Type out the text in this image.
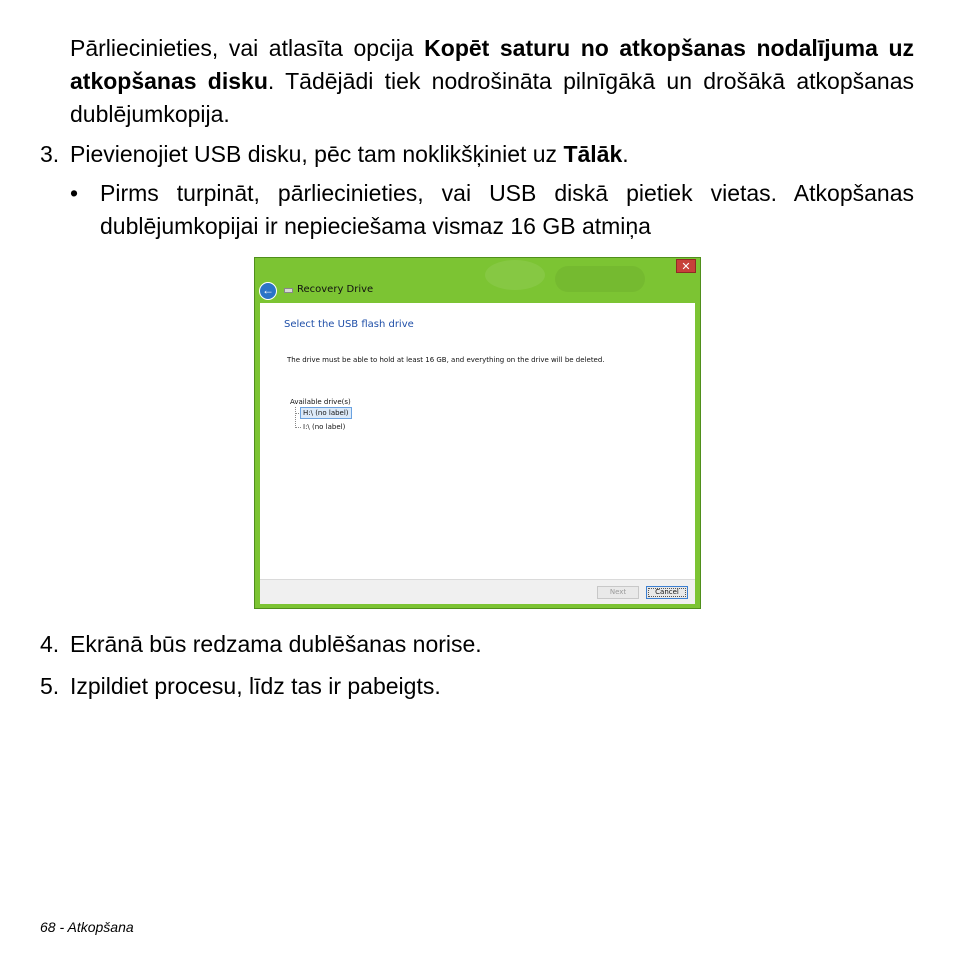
Pārliecinieties, vai atlasīta opcija Kopēt saturu no atkopšanas nodalījuma uz atkopšanas disku. Tādējādi tiek nodrošināta pilnīgākā un drošākā atkopšanas dublējumkopija.

3. Pievienojiet USB disku, pēc tam noklikšķiniet uz Tālāk.

• Pirms turpināt, pārliecinieties, vai USB diskā pietiek vietas. Atkopšanas dublējumkopijai ir nepieciešama vismaz 16 GB atmiņa
✕
←	Recovery Drive
Select the USB flash drive
The drive must be able to hold at least 16 GB, and everything on the drive will be deleted.
Available drive(s)
H:\ (no label)
I:\ (no label)
Next	Cancel

4. Ekrānā būs redzama dublēšanas norise.

5. Izpildiet procesu, līdz tas ir pabeigts.

68 - Atkopšana
